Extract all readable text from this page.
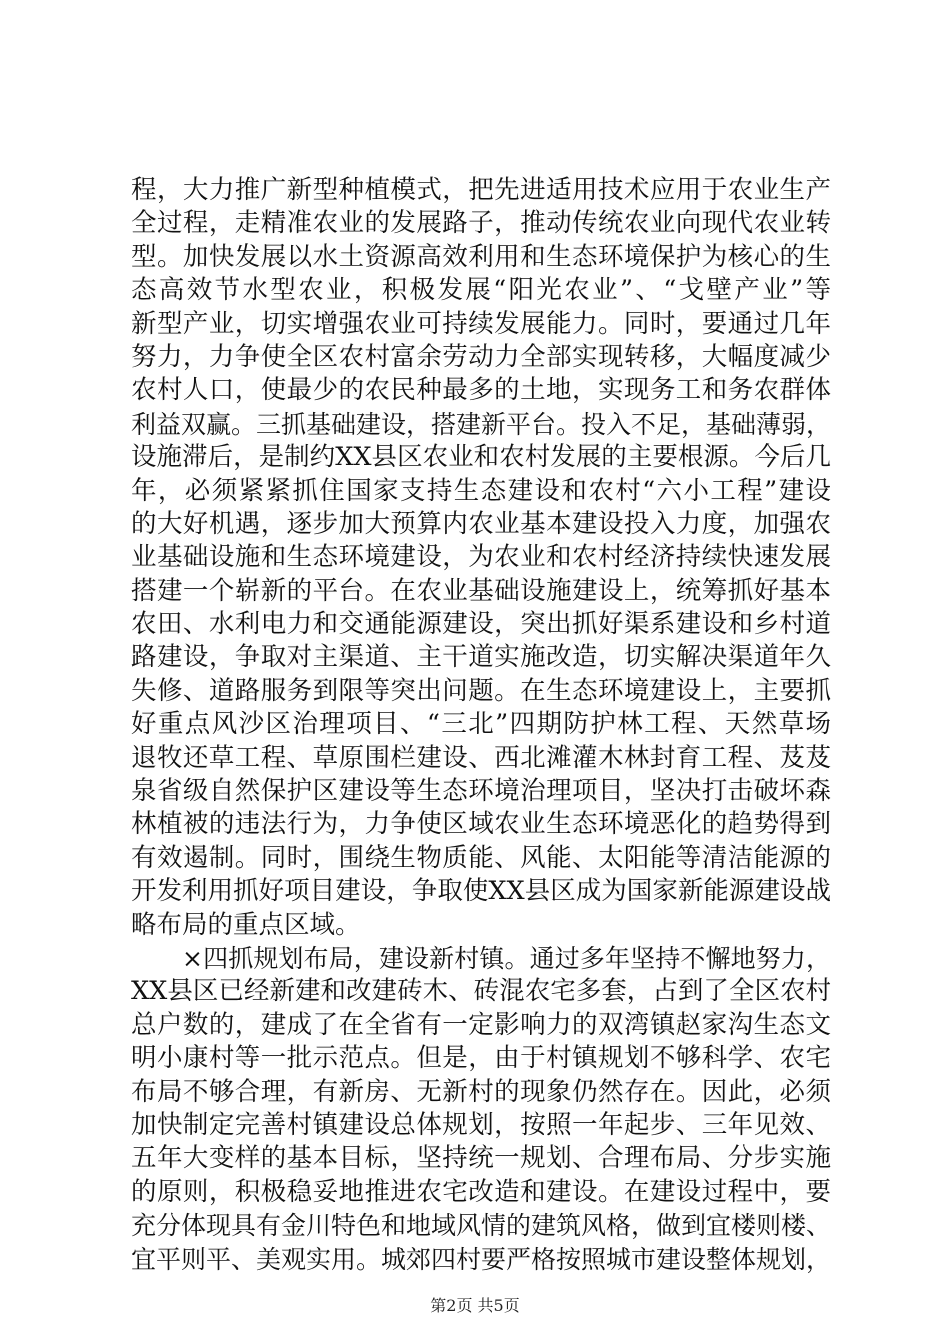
程，大力推广新型种植模式，把先进适用技术应用于农业生产
全过程，走精准农业的发展路子，推动传统农业向现代农业转
型。加快发展以水土资源高效利用和生态环境保护为核心的生
态高效节水型农业，积极发展“阳光农业”、“戈壁产业”等
新型产业，切实增强农业可持续发展能力。同时，要通过几年
努力，力争使全区农村富余劳动力全部实现转移，大幅度减少
农村人口，使最少的农民种最多的土地，实现务工和务农群体
利益双赢。三抓基础建设，搭建新平台。投入不足，基础薄弱，
设施滞后，是制约XX县区农业和农村发展的主要根源。今后几
年，必须紧紧抓住国家支持生态建设和农村“六小工程”建设
的大好机遇，逐步加大预算内农业基本建设投入力度，加强农
业基础设施和生态环境建设，为农业和农村经济持续快速发展
搭建一个崭新的平台。在农业基础设施建设上，统筹抓好基本
农田、水利电力和交通能源建设，突出抓好渠系建设和乡村道
路建设，争取对主渠道、主干道实施改造，切实解决渠道年久
失修、道路服务到限等突出问题。在生态环境建设上，主要抓
好重点风沙区治理项目、“三北”四期防护林工程、天然草场
退牧还草工程、草原围栏建设、西北滩灌木林封育工程、芨芨
泉省级自然保护区建设等生态环境治理项目，坚决打击破坏森
林植被的违法行为，力争使区域农业生态环境恶化的趋势得到
有效遏制。同时，围绕生物质能、风能、太阳能等清洁能源的
开发利用抓好项目建设，争取使XX县区成为国家新能源建设战
略布局的重点区域。
×四抓规划布局，建设新村镇。通过多年坚持不懈地努力，
XX县区已经新建和改建砖木、砖混农宅多套，占到了全区农村
总户数的，建成了在全省有一定影响力的双湾镇赵家沟生态文
明小康村等一批示范点。但是，由于村镇规划不够科学、农宅
布局不够合理，有新房、无新村的现象仍然存在。因此，必须
加快制定完善村镇建设总体规划，按照一年起步、三年见效、
五年大变样的基本目标，坚持统一规划、合理布局、分步实施
的原则，积极稳妥地推进农宅改造和建设。在建设过程中，要
充分体现具有金川特色和地域风情的建筑风格，做到宜楼则楼、
宜平则平、美观实用。城郊四村要严格按照城市建设整体规划，
第2页 共5页
